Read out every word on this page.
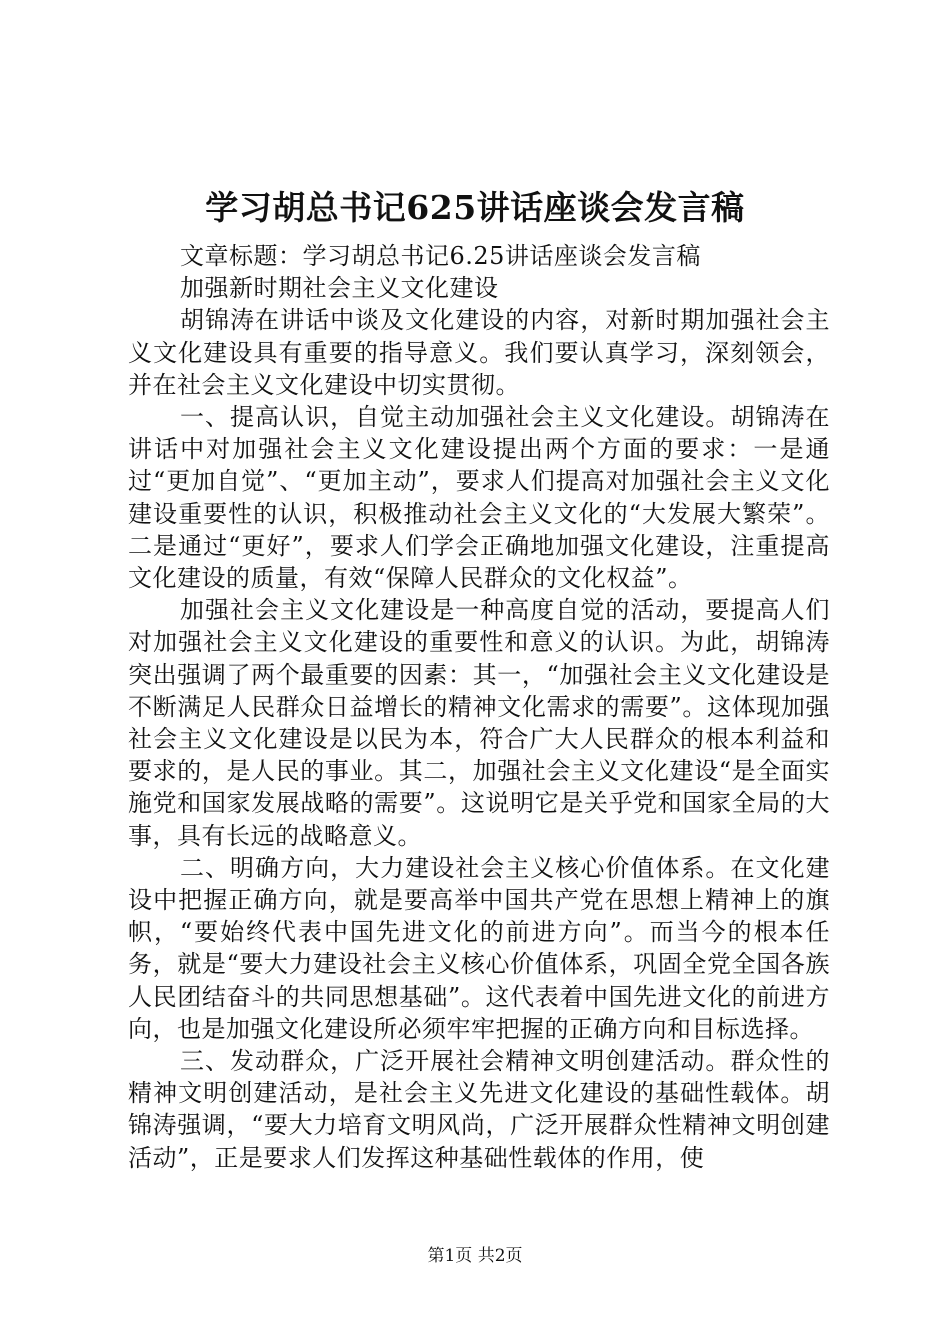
学习胡总书记625讲话座谈会发言稿

文章标题：学习胡总书记6.25讲话座谈会发言稿

加强新时期社会主义文化建设

胡锦涛在讲话中谈及文化建设的内容，对新时期加强社会主义文化建设具有重要的指导意义。我们要认真学习，深刻领会，并在社会主义文化建设中切实贯彻。

一、提高认识，自觉主动加强社会主义文化建设。胡锦涛在讲话中对加强社会主义文化建设提出两个方面的要求：一是通过“更加自觉”、“更加主动”，要求人们提高对加强社会主义文化建设重要性的认识，积极推动社会主义文化的“大发展大繁荣”。二是通过“更好”，要求人们学会正确地加强文化建设，注重提高文化建设的质量，有效“保障人民群众的文化权益”。

加强社会主义文化建设是一种高度自觉的活动，要提高人们对加强社会主义文化建设的重要性和意义的认识。为此，胡锦涛突出强调了两个最重要的因素：其一，“加强社会主义文化建设是不断满足人民群众日益增长的精神文化需求的需要”。这体现加强社会主义文化建设是以民为本，符合广大人民群众的根本利益和要求的，是人民的事业。其二，加强社会主义文化建设“是全面实施党和国家发展战略的需要”。这说明它是关乎党和国家全局的大事，具有长远的战略意义。

二、明确方向，大力建设社会主义核心价值体系。在文化建设中把握正确方向，就是要高举中国共产党在思想上精神上的旗帜，“要始终代表中国先进文化的前进方向”。而当今的根本任务，就是“要大力建设社会主义核心价值体系，巩固全党全国各族人民团结奋斗的共同思想基础”。这代表着中国先进文化的前进方向，也是加强文化建设所必须牢牢把握的正确方向和目标选择。

三、发动群众，广泛开展社会精神文明创建活动。群众性的精神文明创建活动，是社会主义先进文化建设的基础性载体。胡锦涛强调，“要大力培育文明风尚，广泛开展群众性精神文明创建活动”，正是要求人们发挥这种基础性载体的作用，使

第1页 共2页
